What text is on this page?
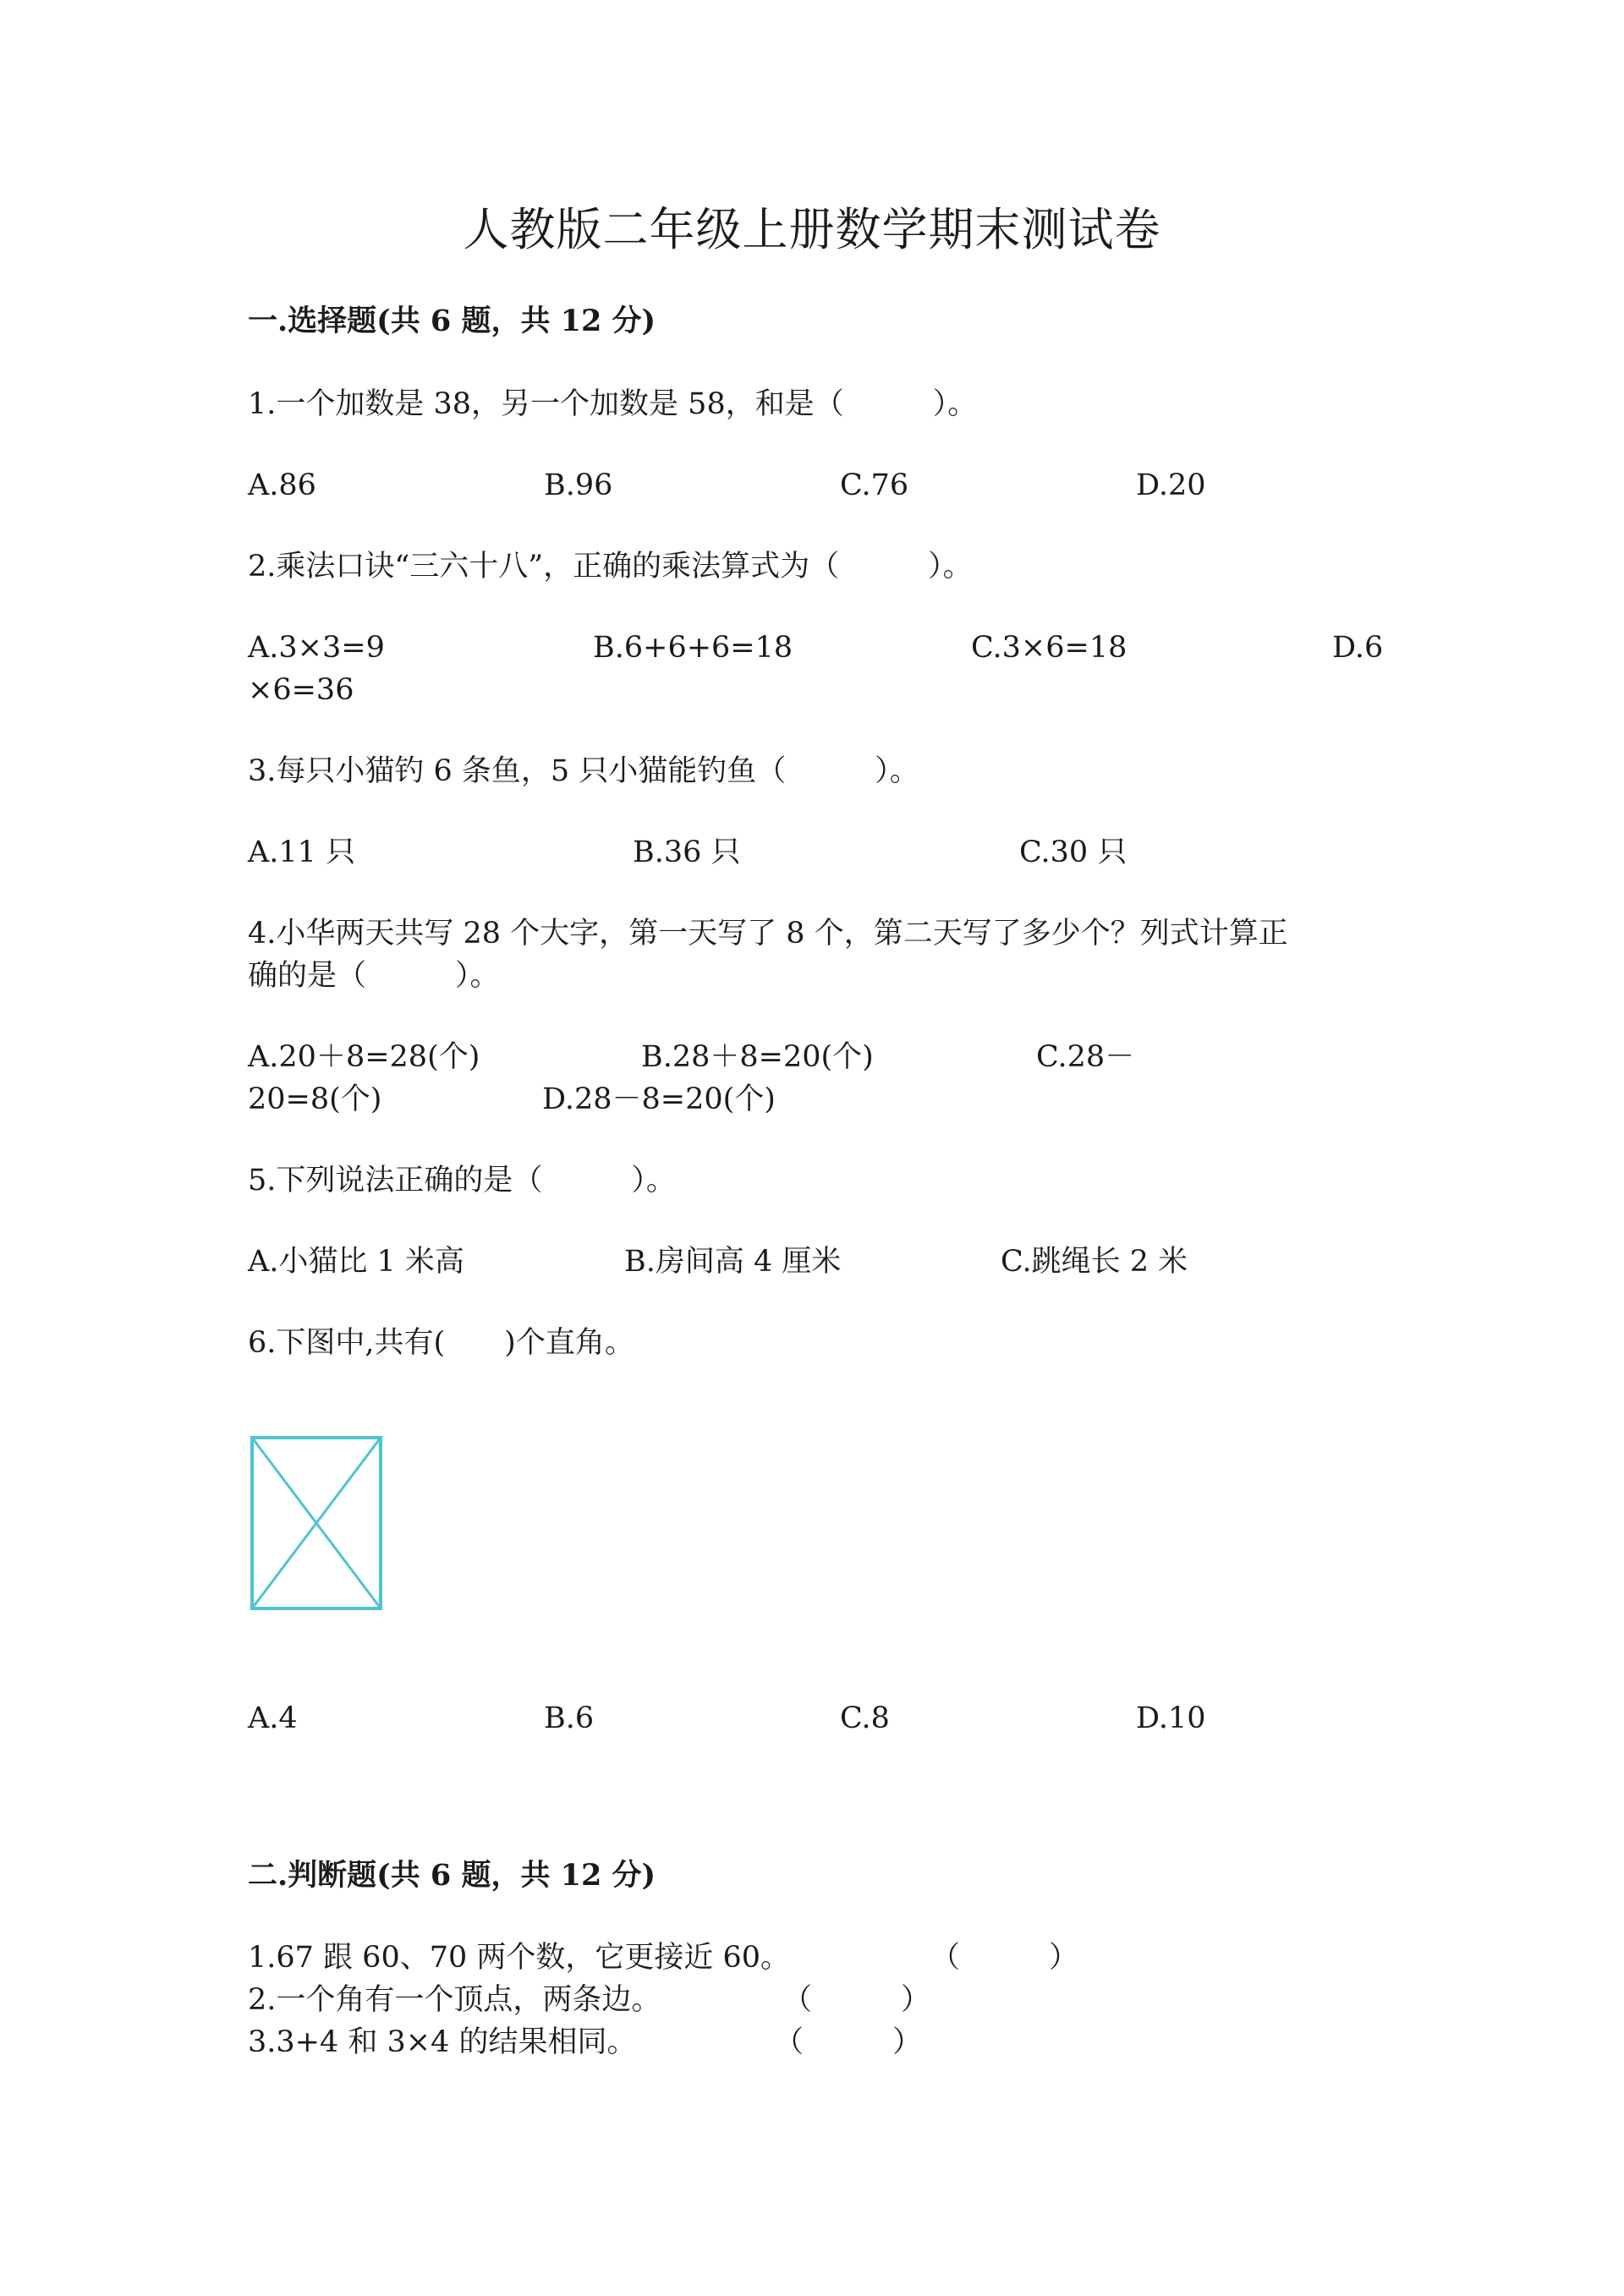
人教版二年级上册数学期末测试卷
一.选择题(共 6 题，共 12 分)
1.一个加数是 38，另一个加数是 58，和是（　　　）。
A.86	B.96	C.76	D.20
2.乘法口诀“三六十八”，正确的乘法算式为（　　　）。
A.3×3=9	B.6+6+6=18	C.3×6=18	D.6
×6=36
3.每只小猫钓 6 条鱼，5 只小猫能钓鱼（　　　）。
A.11 只	B.36 只	C.30 只
4.小华两天共写 28 个大字，第一天写了 8 个，第二天写了多少个？列式计算正
确的是（　　　）。
A.20＋8=28(个)	B.28＋8=20(个)	C.28－
20=8(个)	D.28－8=20(个)
5.下列说法正确的是（　　　）。
A.小猫比 1 米高	B.房间高 4 厘米	C.跳绳长 2 米
6.下图中,共有(　　)个直角。
A.4	B.6	C.8	D.10
二.判断题(共 6 题，共 12 分)
1.67 跟 60、70 两个数，它更接近 60。	（　　　）
2.一个角有一个顶点，两条边。	（　　　）
3.3+4 和 3×4 的结果相同。	（　　　）
